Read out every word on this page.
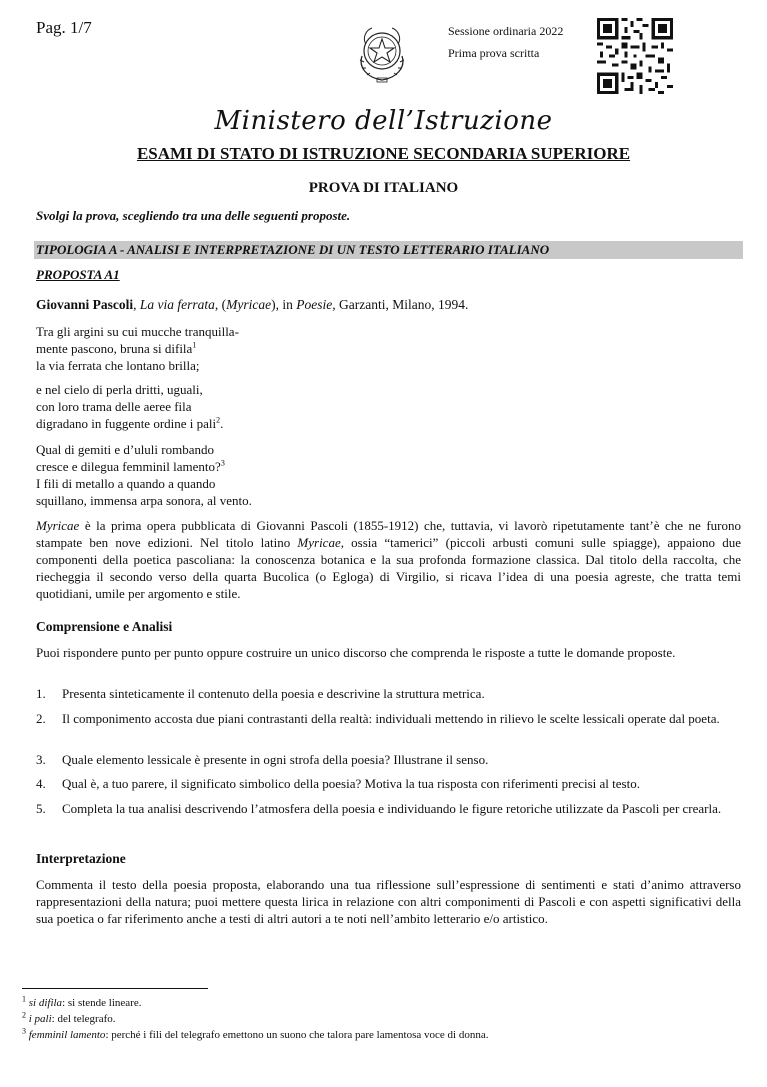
Pag. 1/7	Sessione ordinaria 2022
Prima prova scritta
Ministero dell’Istruzione
ESAMI DI STATO DI ISTRUZIONE SECONDARIA SUPERIORE
PROVA DI ITALIANO
Svolgi la prova, scegliendo tra una delle seguenti proposte.
TIPOLOGIA A - ANALISI E INTERPRETAZIONE DI UN TESTO LETTERARIO ITALIANO
PROPOSTA A1
Giovanni Pascoli, La via ferrata, (Myricae), in Poesie, Garzanti, Milano, 1994.
Tra gli argini su cui mucche tranquilla-
mente pascono, bruna si difila$^1$
la via ferrata che lontano brilla;
e nel cielo di perla dritti, uguali,
con loro trama delle aeree fila
digradano in fuggente ordine i pali$^2$.
Qual di gemiti e d’ululi rombando
cresce e dilegua femminil lamento?$^3$
I fili di metallo a quando a quando
squillano, immensa arpa sonora, al vento.
Myricae è la prima opera pubblicata di Giovanni Pascoli (1855-1912) che, tuttavia, vi lavorò ripetutamente tant’è che ne furono stampate ben nove edizioni. Nel titolo latino Myricae, ossia “tamerici” (piccoli arbusti comuni sulle spiagge), appaiono due componenti della poetica pascoliana: la conoscenza botanica e la sua profonda formazione classica. Dal titolo della raccolta, che riecheggia il secondo verso della quarta Bucolica (o Egloga) di Virgilio, si ricava l’idea di una poesia agreste, che tratta temi quotidiani, umile per argomento e stile.
Comprensione e Analisi
Puoi rispondere punto per punto oppure costruire un unico discorso che comprenda le risposte a tutte le domande proposte.
1. Presenta sinteticamente il contenuto della poesia e descrivine la struttura metrica.
2. Il componimento accosta due piani contrastanti della realtà: individuali mettendo in rilievo le scelte lessicali operate dal poeta.
3. Quale elemento lessicale è presente in ogni strofa della poesia? Illustrane il senso.
4. Qual è, a tuo parere, il significato simbolico della poesia? Motiva la tua risposta con riferimenti precisi al testo.
5. Completa la tua analisi descrivendo l’atmosfera della poesia e individuando le figure retoriche utilizzate da Pascoli per crearla.
Interpretazione
Commenta il testo della poesia proposta, elaborando una tua riflessione sull’espressione di sentimenti e stati d’animo attraverso rappresentazioni della natura; puoi mettere questa lirica in relazione con altri componimenti di Pascoli e con aspetti significativi della sua poetica o far riferimento anche a testi di altri autori a te noti nell’ambito letterario e/o artistico.
$^1$ si difila: si stende lineare.
$^2$ i pali: del telegrafo.
$^3$ femminil lamento: perché i fili del telegrafo emettono un suono che talora pare lamentosa voce di donna.
